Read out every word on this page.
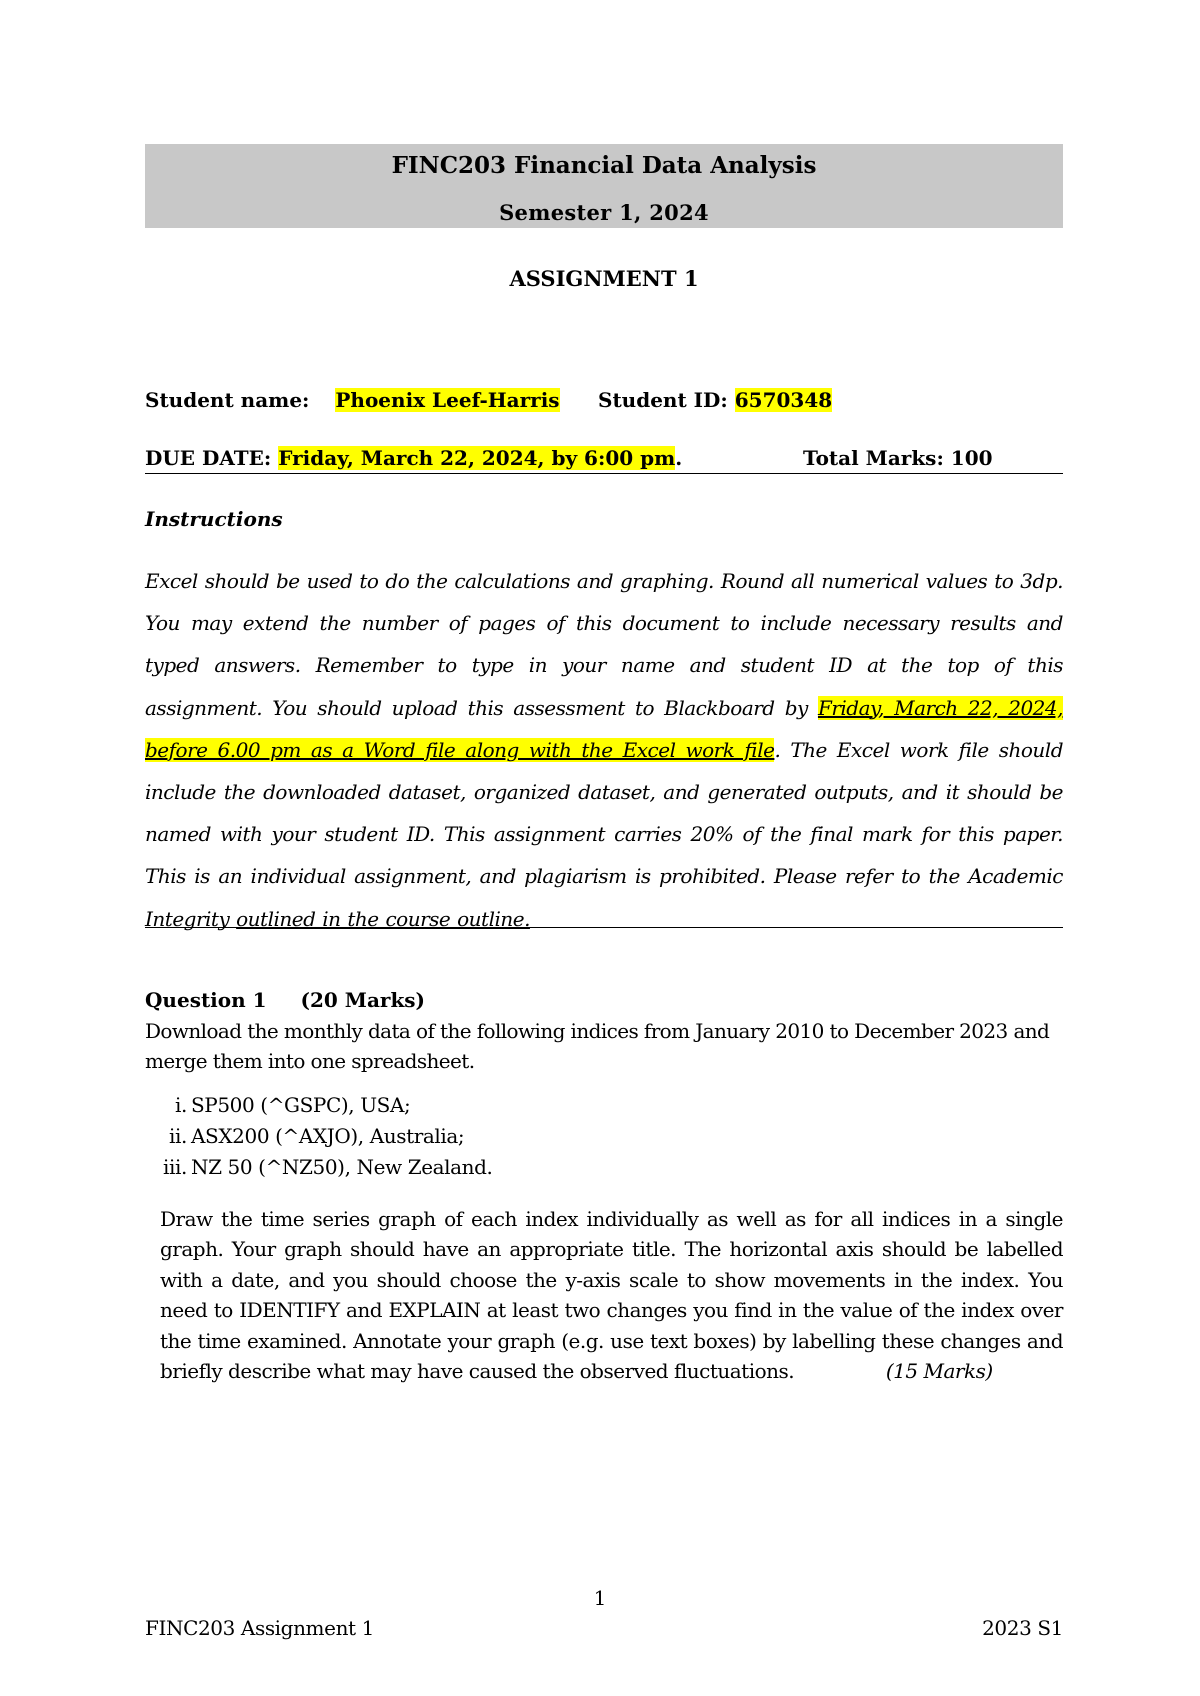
FINC203 Financial Data Analysis
Semester 1, 2024
ASSIGNMENT 1
Student name: Phoenix Leef-Harris Student ID: 6570348
DUE DATE: Friday, March 22, 2024, by 6:00 pm.	Total Marks: 100
Instructions
Excel should be used to do the calculations and graphing. Round all numerical values to 3dp. You may extend the number of pages of this document to include necessary results and typed answers. Remember to type in your name and student ID at the top of this assignment. You should upload this assessment to Blackboard by Friday, March 22, 2024, before 6.00 pm as a Word file along with the Excel work file. The Excel work file should include the downloaded dataset, organized dataset, and generated outputs, and it should be named with your student ID. This assignment carries 20% of the final mark for this paper. This is an individual assignment, and plagiarism is prohibited. Please refer to the Academic Integrity outlined in the course outline.
Question 1 (20 Marks)
Download the monthly data of the following indices from January 2010 to December 2023 and merge them into one spreadsheet.
i. SP500 (^GSPC), USA;
ii. ASX200 (^AXJO), Australia;
iii. NZ 50 (^NZ50), New Zealand.
Draw the time series graph of each index individually as well as for all indices in a single graph. Your graph should have an appropriate title. The horizontal axis should be labelled with a date, and you should choose the y-axis scale to show movements in the index. You need to IDENTIFY and EXPLAIN at least two changes you find in the value of the index over the time examined. Annotate your graph (e.g. use text boxes) by labelling these changes and briefly describe what may have caused the observed fluctuations.	(15 Marks)
1
FINC203 Assignment 1	2023 S1
